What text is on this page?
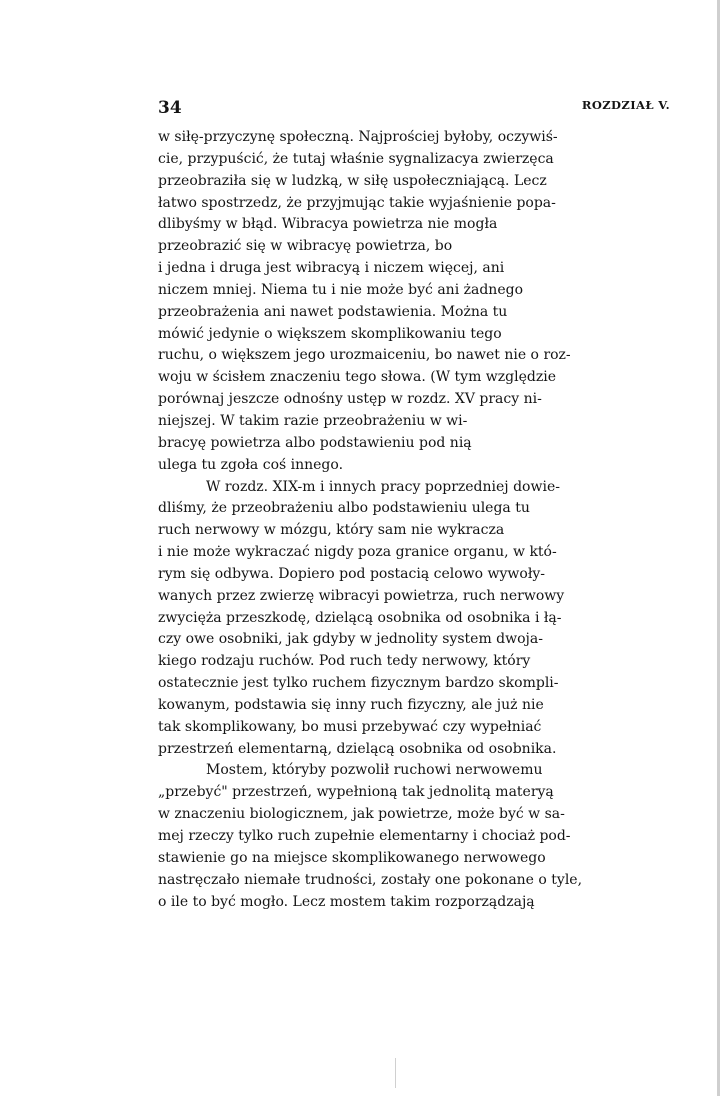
34	ROZDZIAŁ V.
w siłę-przyczynę społeczną. Najprościej byłoby, oczywiś-
cie, przypuścić, że tutaj właśnie sygnalizacya zwierzęca
przeobraziła się w ludzką, w siłę uspołeczniającą. Lecz
łatwo spostrzedz, że przyjmując takie wyjaśnienie popa-
dlibyśmy w błąd. Wibracya powietrza nie mogła
przeobrazić się w wibracyę powietrza, bo
i jedna i druga jest wibracyą i niczem więcej, ani
niczem mniej. Niema tu i nie może być ani żadnego
przeobrażenia ani nawet podstawienia. Można tu
mówić jedynie o większem skomplikowaniu tego
ruchu, o większem jego urozmaiceniu, bo nawet nie o roz-
woju w ścisłem znaczeniu tego słowa. (W tym względzie
porównaj jeszcze odnośny ustęp w rozdz. XV pracy ni-
niejszej. W takim razie przeobrażeniu w wi-
bracyę powietrza albo podstawieniu pod nią
ulega tu zgoła coś innego.
W rozdz. XIX-m i innych pracy poprzedniej dowie-
dliśmy, że przeobrażeniu albo podstawieniu ulega tu
ruch nerwowy w mózgu, który sam nie wykracza
i nie może wykraczać nigdy poza granice organu, w któ-
rym się odbywa. Dopiero pod postacią celowo wywoły-
wanych przez zwierzę wibracyi powietrza, ruch nerwowy
zwycięża przeszkodę, dzielącą osobnika od osobnika i łą-
czy owe osobniki, jak gdyby w jednolity system dwoja-
kiego rodzaju ruchów. Pod ruch tedy nerwowy, który
ostatecznie jest tylko ruchem fizycznym bardzo skompli-
kowanym, podstawia się inny ruch fizyczny, ale już nie
tak skomplikowany, bo musi przebywać czy wypełniać
przestrzeń elementarną, dzielącą osobnika od osobnika.
Mostem, któryby pozwolił ruchowi nerwowemu
„przebyć" przestrzeń, wypełnioną tak jednolitą materyą
w znaczeniu biologicznem, jak powietrze, może być w sa-
mej rzeczy tylko ruch zupełnie elementarny i chociaż pod-
stawienie go na miejsce skomplikowanego nerwowego
nastręczało niemałe trudności, zostały one pokonane o tyle,
o ile to być mogło. Lecz mostem takim rozporządzają
